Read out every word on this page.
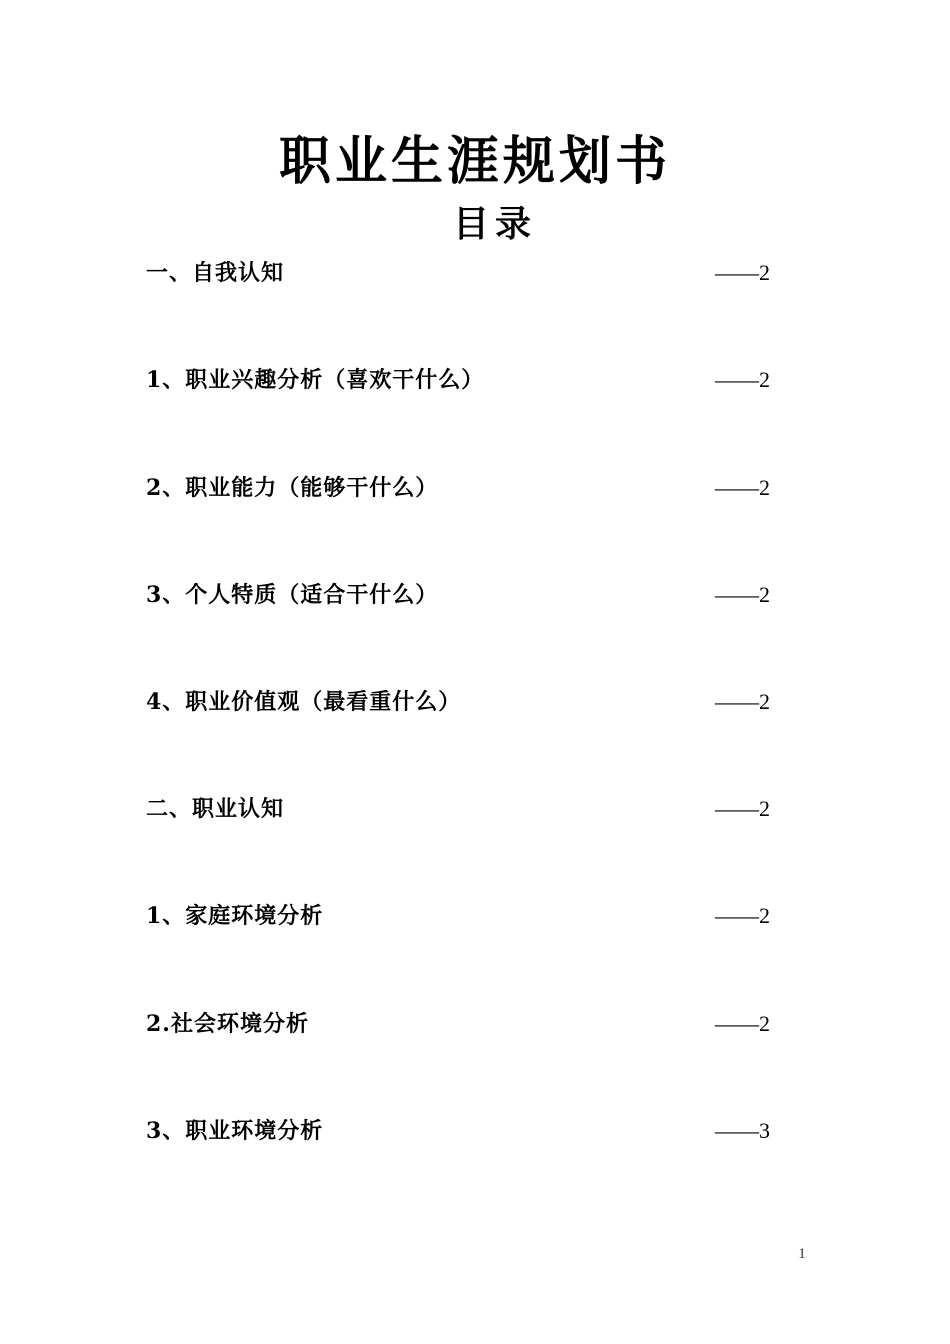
职业生涯规划书
目录
一、自我认知	——2
1、职业兴趣分析（喜欢干什么）	——2
2、职业能力（能够干什么）	——2
3、个人特质（适合干什么）	——2
4、职业价值观（最看重什么）	——2
二、职业认知	——2
1、家庭环境分析	——2
2.社会环境分析	——2
3、职业环境分析	——3
1
